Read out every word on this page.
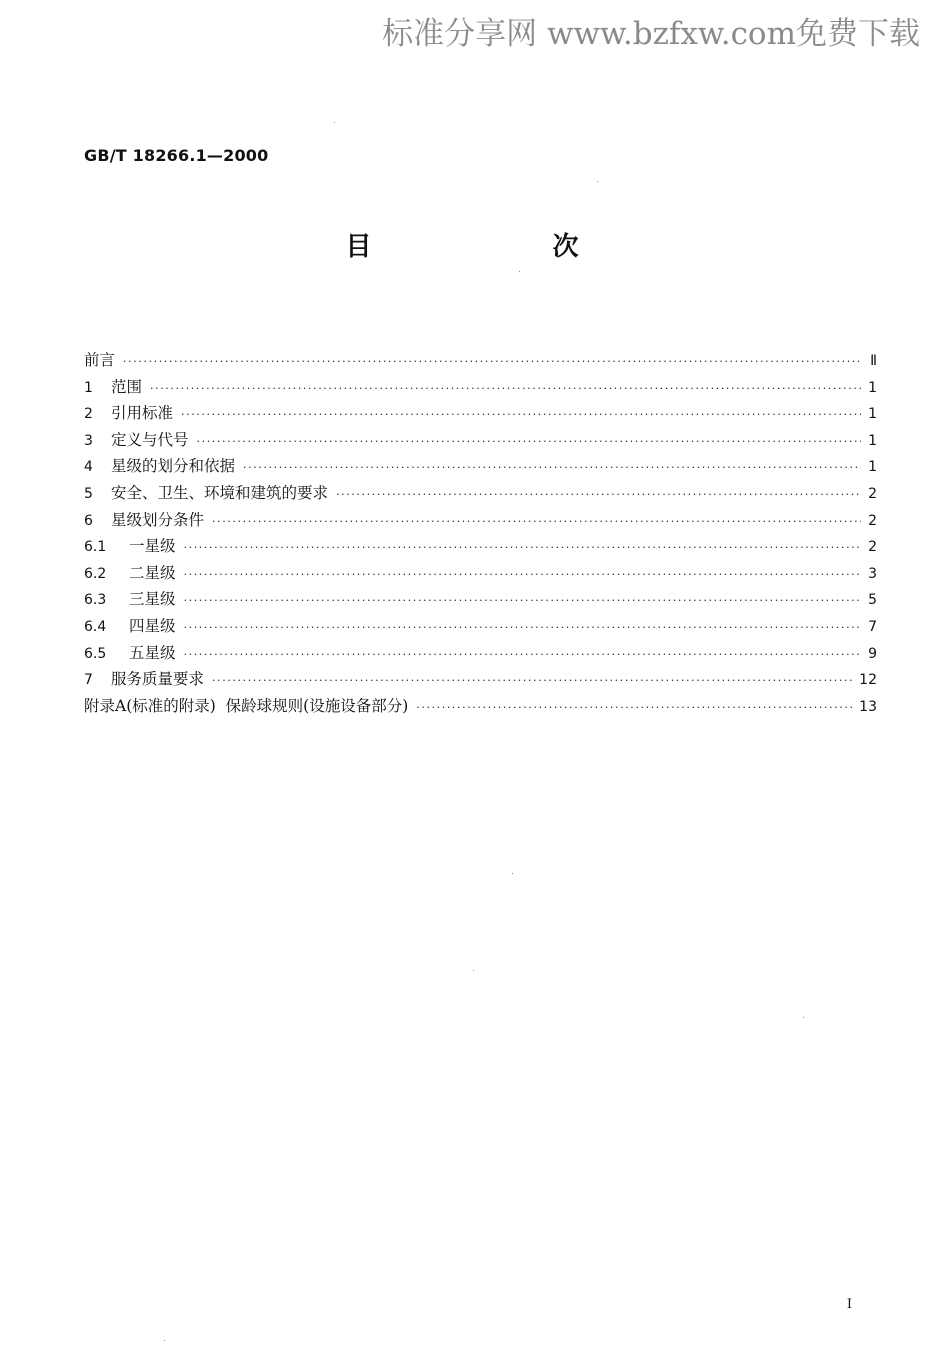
标准分享网 www.bzfxw.com免费下载
GB/T 18266.1—2000
目 次
前言 ·····	Ⅱ
1 范围 ·····	1
2 引用标准 ·····	1
3 定义与代号 ·····	1
4 星级的划分和依据 ·····	1
5 安全、卫生、环境和建筑的要求 ·····	2
6 星级划分条件 ·····	2
6.1 一星级 ·····	2
6.2 二星级 ·····	3
6.3 三星级 ·····	5
6.4 四星级 ·····	7
6.5 五星级 ·····	9
7 服务质量要求 ·····	12
附录A(标准的附录)  保龄球规则(设施设备部分) ·····	13
I
